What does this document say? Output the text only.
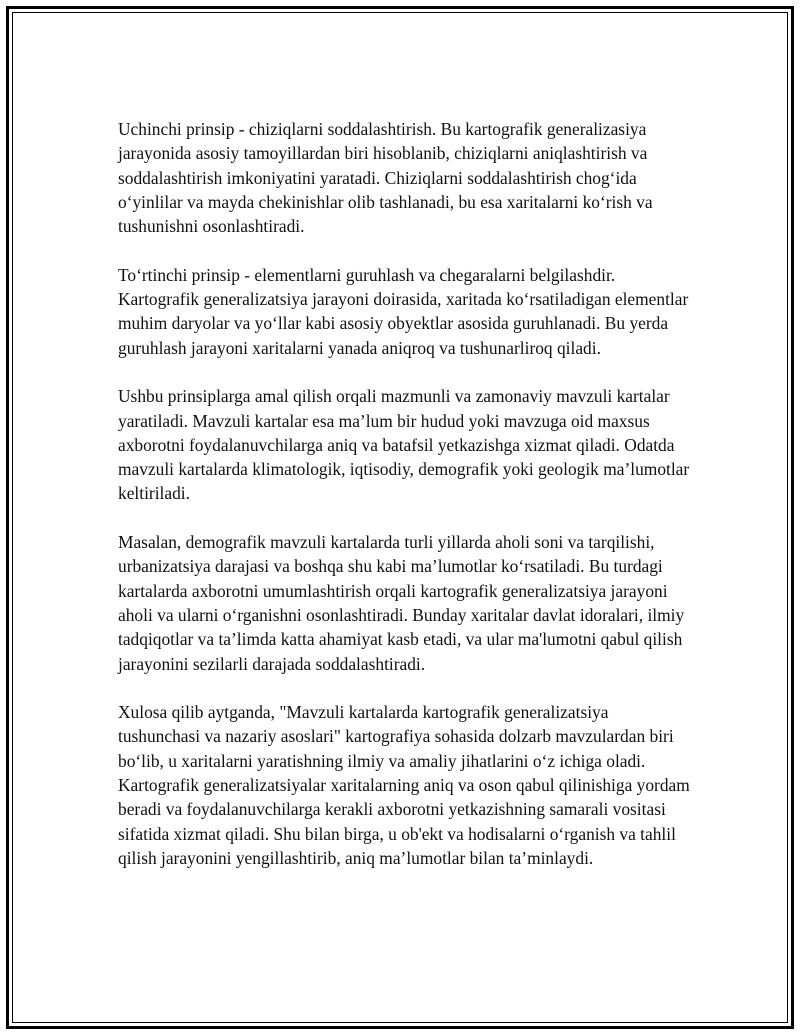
Uchinchi prinsip - chiziqlarni soddalashtirish. Bu kartografik generalizasiya jarayonida asosiy tamoyillardan biri hisoblanib, chiziqlarni aniqlashtirish va soddalashtirish imkoniyatini yaratadi. Chiziqlarni soddalashtirish chog‘ida o‘yinlilar va mayda chekinishlar olib tashlanadi, bu esa xaritalarni ko‘rish va tushunishni osonlashtiradi.

To‘rtinchi prinsip - elementlarni guruhlash va chegaralarni belgilashdir. Kartografik generalizatsiya jarayoni doirasida, xaritada ko‘rsatiladigan elementlar muhim daryolar va yo‘llar kabi asosiy obyektlar asosida guruhlanadi. Bu yerda guruhlash jarayoni xaritalarni yanada aniqroq va tushunarliroq qiladi.

Ushbu prinsiplarga amal qilish orqali mazmunli va zamonaviy mavzuli kartalar yaratiladi. Mavzuli kartalar esa ma’lum bir hudud yoki mavzuga oid maxsus axborotni foydalanuvchilarga aniq va batafsil yetkazishga xizmat qiladi. Odatda mavzuli kartalarda klimatologik, iqtisodiy, demografik yoki geologik ma’lumotlar keltiriladi.

Masalan, demografik mavzuli kartalarda turli yillarda aholi soni va tarqilishi, urbanizatsiya darajasi va boshqa shu kabi ma’lumotlar ko‘rsatiladi. Bu turdagi kartalarda axborotni umumlashtirish orqali kartografik generalizatsiya jarayoni aholi va ularni o‘rganishni osonlashtiradi. Bunday xaritalar davlat idoralari, ilmiy tadqiqotlar va ta’limda katta ahamiyat kasb etadi, va ular ma'lumotni qabul qilish jarayonini sezilarli darajada soddalashtiradi.

Xulosa qilib aytganda, "Mavzuli kartalarda kartografik generalizatsiya tushunchasi va nazariy asoslari" kartografiya sohasida dolzarb mavzulardan biri bo‘lib, u xaritalarni yaratishning ilmiy va amaliy jihatlarini o‘z ichiga oladi. Kartografik generalizatsiyalar xaritalarning aniq va oson qabul qilinishiga yordam beradi va foydalanuvchilarga kerakli axborotni yetkazishning samarali vositasi sifatida xizmat qiladi. Shu bilan birga, u ob'ekt va hodisalarni o‘rganish va tahlil qilish jarayonini yengillashtirib, aniq ma’lumotlar bilan ta’minlaydi.
